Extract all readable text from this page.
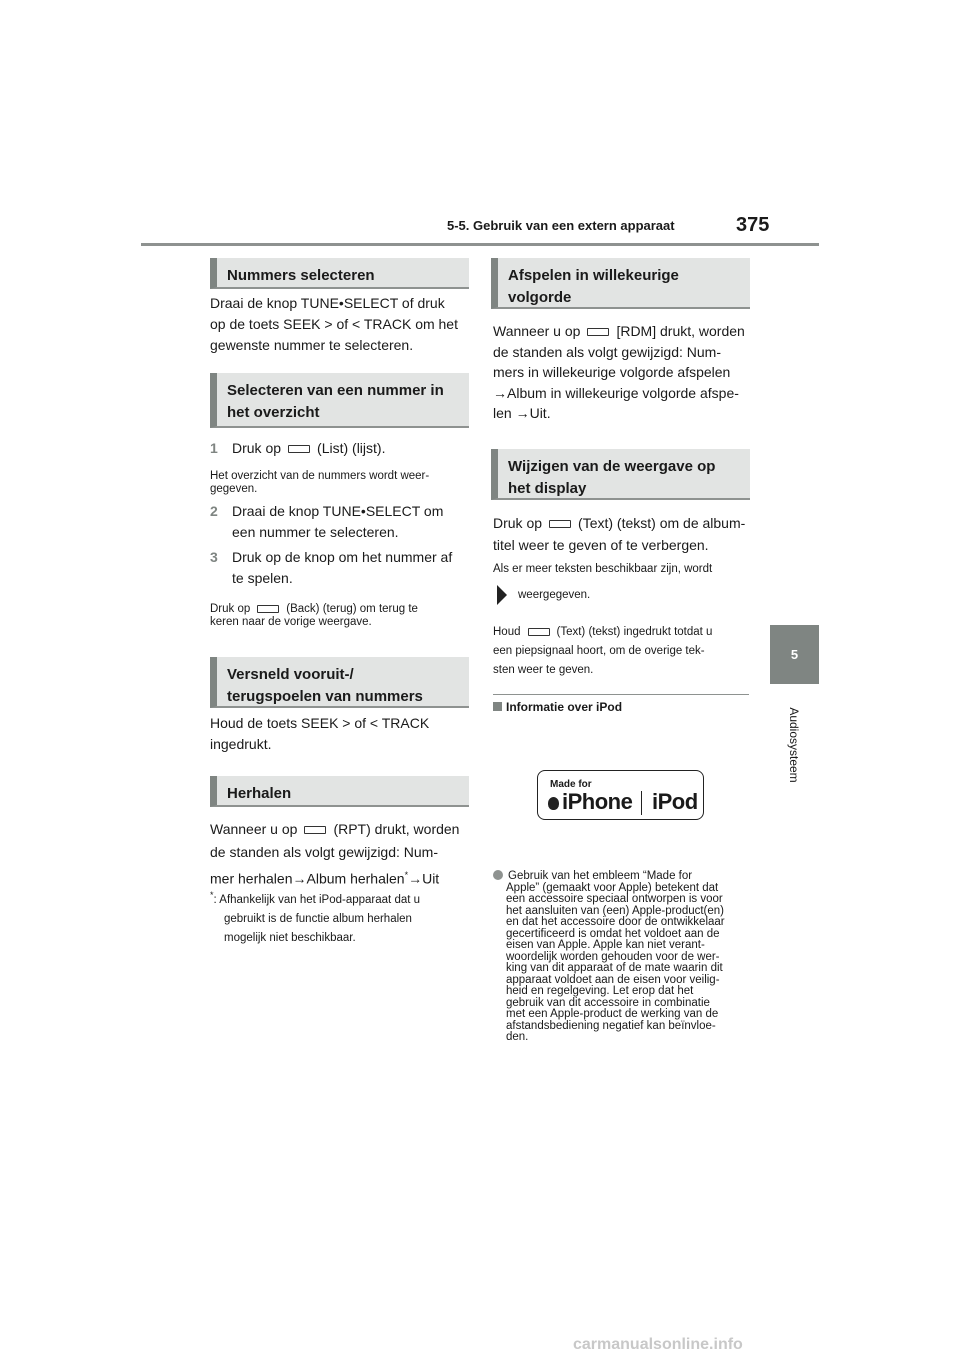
5-5. Gebruik van een extern apparaat	375
5
Audiosysteem
Nummers selecteren
Draai de knop TUNE•SELECT of druk
op de toets SEEK > of < TRACK om het
gewenste nummer te selecteren.
Selecteren van een nummer in
het overzicht
1 Druk op	(List) (lijst).
Het overzicht van de nummers wordt weer-
gegeven.
2 Draai de knop TUNE•SELECT om
een nummer te selecteren.
3 Druk op de knop om het nummer af
te spelen.
Druk op	(Back) (terug) om terug te
keren naar de vorige weergave.
Versneld vooruit-/
terugspoelen van nummers
Houd de toets SEEK > of < TRACK
ingedrukt.
Herhalen
Wanneer u op	(RPT) drukt, worden
de standen als volgt gewijzigd: Num-
mer herhalen→Album herhalen*→Uit
*: Afhankelijk van het iPod-apparaat dat u
gebruikt is de functie album herhalen
mogelijk niet beschikbaar.
Afspelen in willekeurige
volgorde
Wanneer u op	[RDM] drukt, worden
de standen als volgt gewijzigd: Num-
mers in willekeurige volgorde afspelen
→Album in willekeurige volgorde afspe-
len →Uit.
Wijzigen van de weergave op
het display
Druk op	(Text) (tekst) om de album-
titel weer te geven of te verbergen.
Als er meer teksten beschikbaar zijn, wordt
weergegeven.
Houd	(Text) (tekst) ingedrukt totdat u
een piepsignaal hoort, om de overige tek-
sten weer te geven.
Informatie over iPod
Made for
iPhone iPod
Gebruik van het embleem “Made for
Apple” (gemaakt voor Apple) betekent dat
een accessoire speciaal ontworpen is voor
het aansluiten van (een) Apple-product(en)
en dat het accessoire door de ontwikkelaar
gecertificeerd is omdat het voldoet aan de
eisen van Apple. Apple kan niet verant-
woordelijk worden gehouden voor de wer-
king van dit apparaat of de mate waarin dit
apparaat voldoet aan de eisen voor veilig-
heid en regelgeving. Let erop dat het
gebruik van dit accessoire in combinatie
met een Apple-product de werking van de
afstandsbediening negatief kan beïnvloe-
den.
carmanualsonline.info
